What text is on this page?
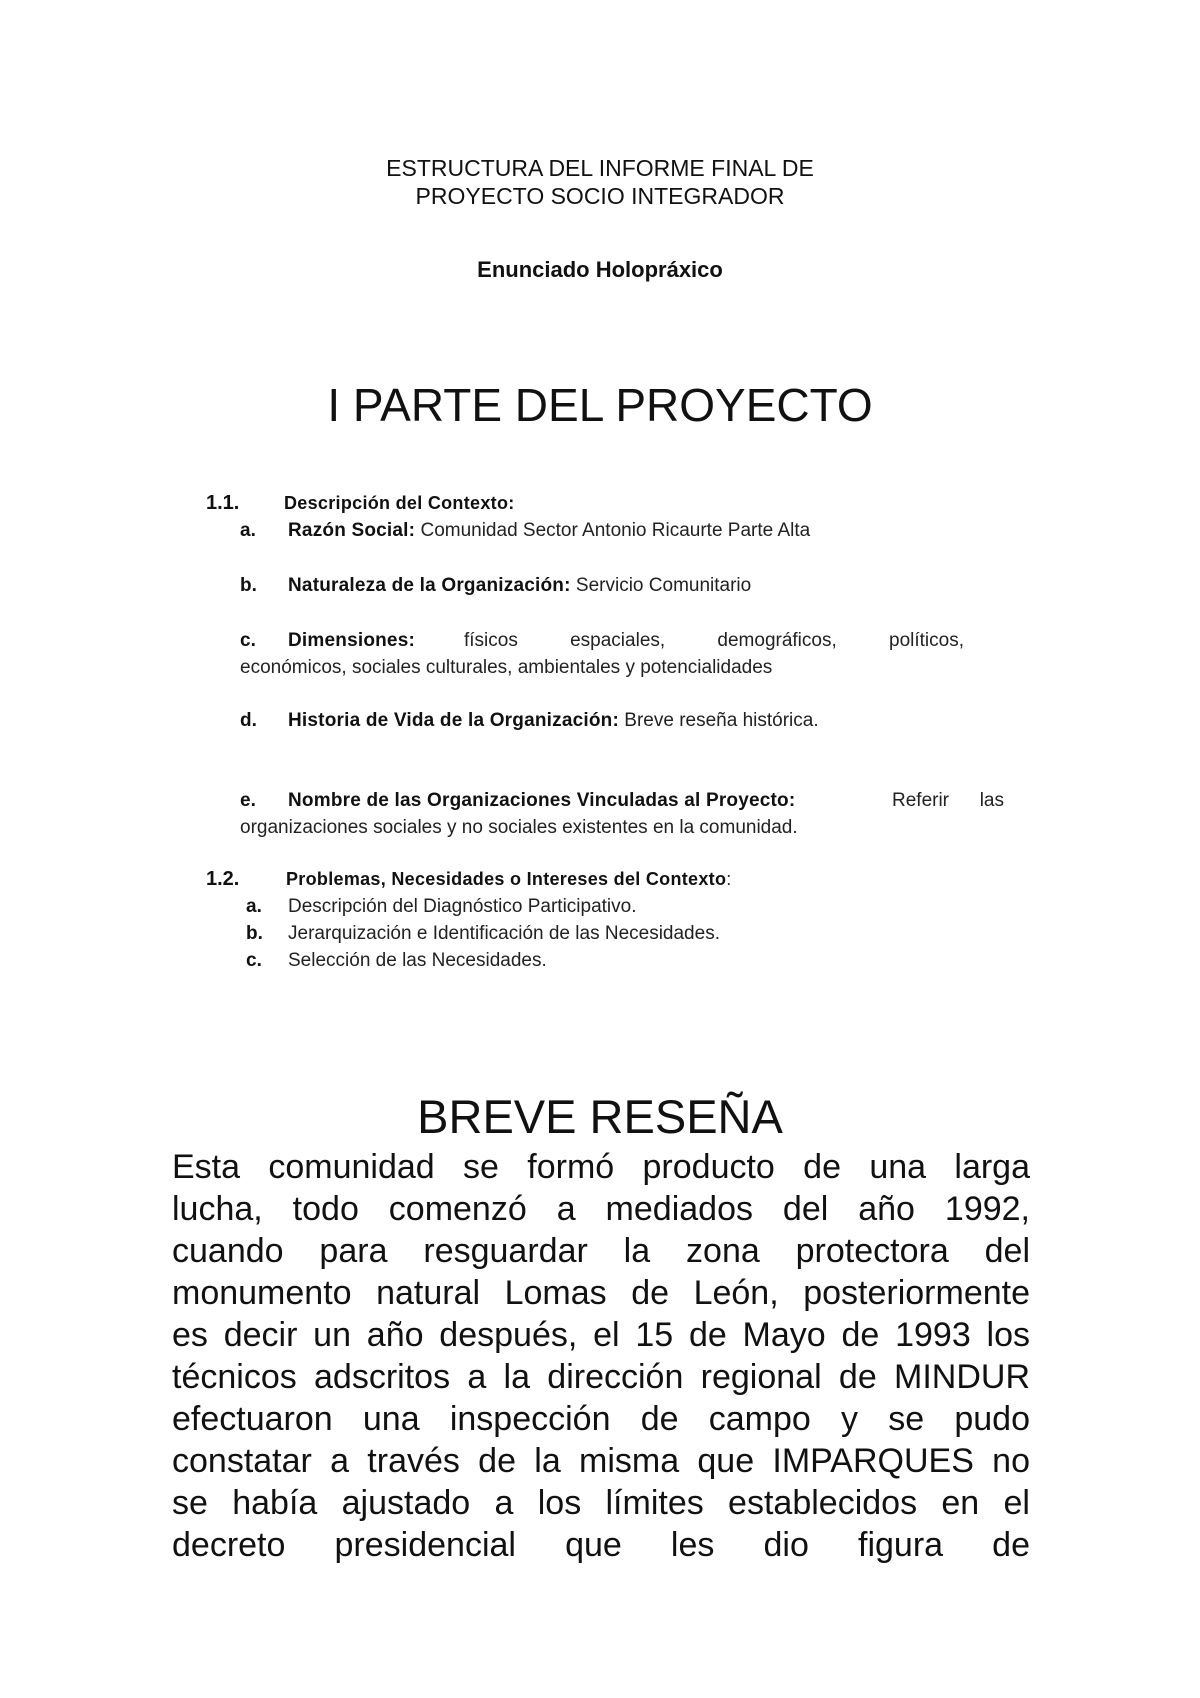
ESTRUCTURA DEL INFORME FINAL DE
PROYECTO SOCIO INTEGRADOR
Enunciado Holopráxico
I PARTE DEL PROYECTO
1.1. Descripción del Contexto:
a. Razón Social: Comunidad Sector Antonio Ricaurte Parte Alta
b. Naturaleza de la Organización: Servicio Comunitario
c. Dimensiones:	físicos espaciales, demográficos, políticos,
económicos, sociales culturales, ambientales y potencialidades
d. Historia de Vida de la Organización: Breve reseña histórica.
e. Nombre de las Organizaciones Vinculadas al Proyecto:	Referir las
organizaciones sociales y no sociales existentes en la comunidad.
1.2.	Problemas, Necesidades o Intereses del Contexto:
a. Descripción del Diagnóstico Participativo.
b. Jerarquización e Identificación de las Necesidades.
c. Selección de las Necesidades.
BREVE RESEÑA
Esta comunidad se formó producto de una larga
lucha, todo comenzó a mediados del año 1992,
cuando para resguardar la zona protectora del
monumento natural Lomas de León, posteriormente
es decir un año después, el 15 de Mayo de 1993 los
técnicos adscritos a la dirección regional de MINDUR
efectuaron una inspección de campo y se pudo
constatar a través de la misma que IMPARQUES no
se había ajustado a los límites establecidos en el
decreto presidencial que les dio figura de
